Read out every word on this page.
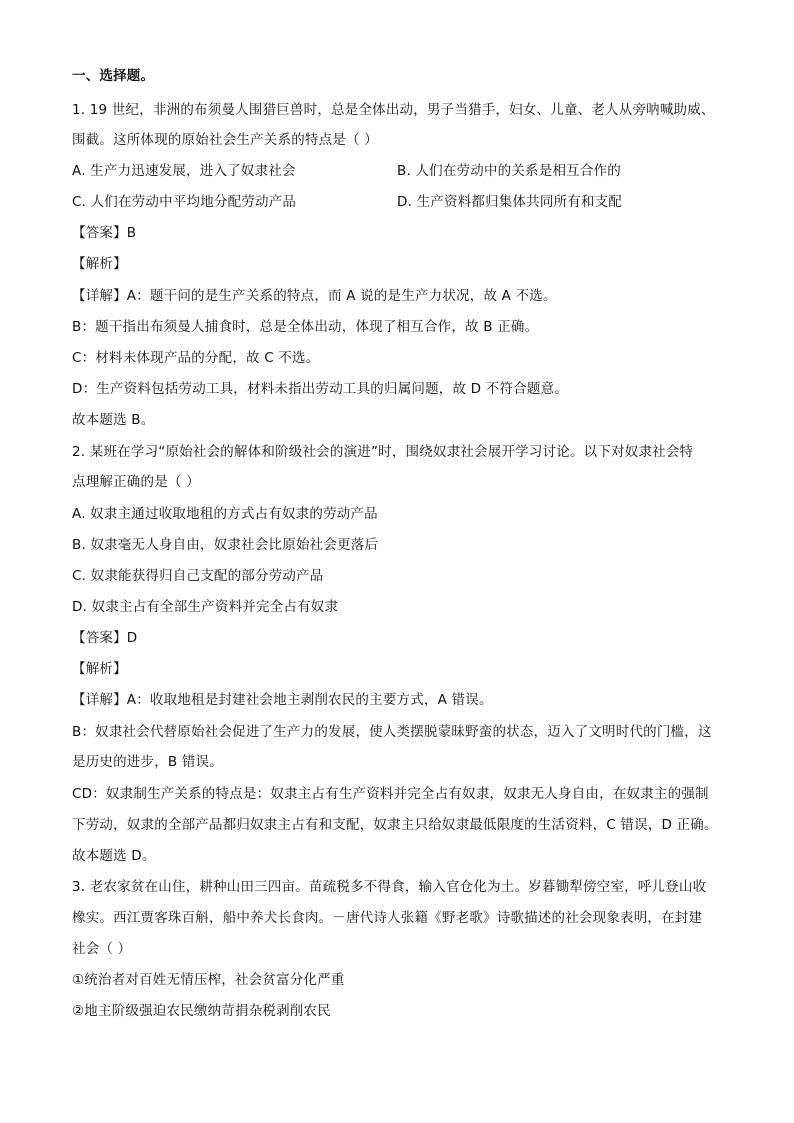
一、选择题。
1. 19 世纪，非洲的布须曼人围猎巨兽时，总是全体出动，男子当猎手，妇女、儿童、老人从旁呐喊助威、
围截。这所体现的原始社会生产关系的特点是（ ）
A. 生产力迅速发展，进入了奴隶社会	B. 人们在劳动中的关系是相互合作的
C. 人们在劳动中平均地分配劳动产品	D. 生产资料都归集体共同所有和支配
【答案】B
【解析】
【详解】A：题干问的是生产关系的特点，而 A 说的是生产力状况，故 A 不选。
B：题干指出布须曼人捕食时，总是全体出动，体现了相互合作，故 B 正确。
C：材料未体现产品的分配，故 C 不选。
D：生产资料包括劳动工具，材料未指出劳动工具的归属问题，故 D 不符合题意。
故本题选 B。
2. 某班在学习“原始社会的解体和阶级社会的演进”时，围绕奴隶社会展开学习讨论。以下对奴隶社会特
点理解正确的是（ ）
A. 奴隶主通过收取地租的方式占有奴隶的劳动产品
B. 奴隶毫无人身自由，奴隶社会比原始社会更落后
C. 奴隶能获得归自己支配的部分劳动产品
D. 奴隶主占有全部生产资料并完全占有奴隶
【答案】D
【解析】
【详解】A：收取地租是封建社会地主剥削农民的主要方式，A 错误。
B：奴隶社会代替原始社会促进了生产力的发展，使人类摆脱蒙昧野蛮的状态，迈入了文明时代的门槛，这
是历史的进步，B 错误。
CD：奴隶制生产关系的特点是：奴隶主占有生产资料并完全占有奴隶，奴隶无人身自由，在奴隶主的强制
下劳动，奴隶的全部产品都归奴隶主占有和支配，奴隶主只给奴隶最低限度的生活资料，C 错误，D 正确。
故本题选 D。
3. 老农家贫在山住，耕种山田三四亩。苗疏税多不得食，输入官仓化为土。岁暮锄犁傍空室，呼儿登山收
橡实。西江贾客珠百斛，船中养犬长食肉。－唐代诗人张籍《野老歌》诗歌描述的社会现象表明，在封建
社会（ ）
①统治者对百姓无情压榨，社会贫富分化严重
②地主阶级强迫农民缴纳苛捐杂税剥削农民
